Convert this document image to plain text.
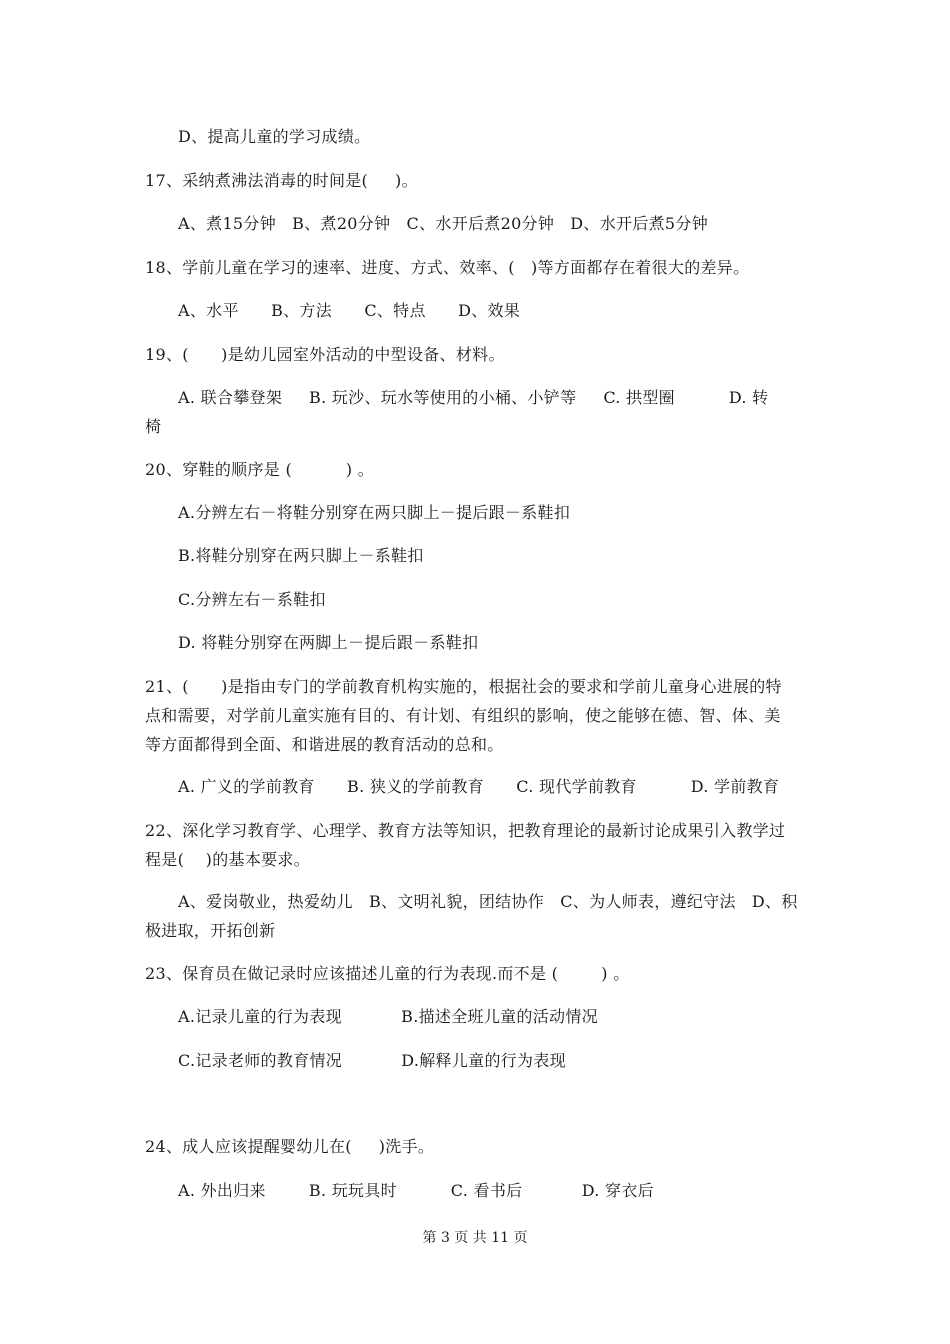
D、提高儿童的学习成绩。
17、采纳煮沸法消毒的时间是(     )。
A、煮15分钟   B、煮20分钟   C、水开后煮20分钟   D、水开后煮5分钟
18、学前儿童在学习的速率、进度、方式、效率、(   )等方面都存在着很大的差异。
A、水平      B、方法      C、特点      D、效果
19、(      )是幼儿园室外活动的中型设备、材料。
A. 联合攀登架     B. 玩沙、玩水等使用的小桶、小铲等     C. 拱型圈          D. 转
椅
20、穿鞋的顺序是 (          ) 。
A.分辨左右－将鞋分别穿在两只脚上－提后跟－系鞋扣
B.将鞋分别穿在两只脚上－系鞋扣
C.分辨左右－系鞋扣
D. 将鞋分别穿在两脚上－提后跟－系鞋扣
21、(      )是指由专门的学前教育机构实施的，根据社会的要求和学前儿童身心进展的特
点和需要，对学前儿童实施有目的、有计划、有组织的影响，使之能够在德、智、体、美
等方面都得到全面、和谐进展的教育活动的总和。
A. 广义的学前教育      B. 狭义的学前教育      C. 现代学前教育          D. 学前教育
22、深化学习教育学、心理学、教育方法等知识，把教育理论的最新讨论成果引入教学过
程是(    )的基本要求。
A、爱岗敬业，热爱幼儿   B、文明礼貌，团结协作   C、为人师表，遵纪守法   D、积
极进取，开拓创新
23、保育员在做记录时应该描述儿童的行为表现.而不是 (        ) 。
A.记录儿童的行为表现           B.描述全班儿童的活动情况
C.记录老师的教育情况           D.解释儿童的行为表现
24、成人应该提醒婴幼儿在(     )洗手。
A. 外出归来        B. 玩玩具时          C. 看书后           D. 穿衣后
第 3 页 共 11 页
